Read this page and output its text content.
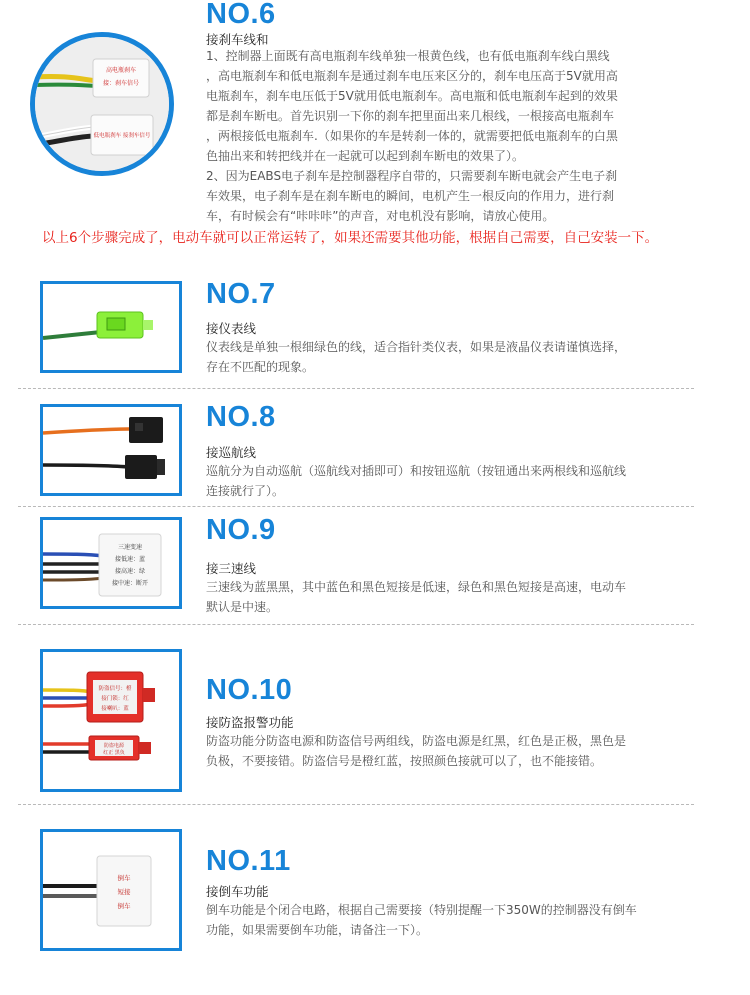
高电瓶刹车
接：刹车信号
低电瓶刹车 接刹车信号
NO.6
接刹车线和
1、控制器上面既有高电瓶刹车线单独一根黄色线，也有低电瓶刹车线白黑线
，高电瓶刹车和低电瓶刹车是通过刹车电压来区分的，刹车电压高于5V就用高
电瓶刹车，刹车电压低于5V就用低电瓶刹车。高电瓶和低电瓶刹车起到的效果
都是刹车断电。首先识别一下你的刹车把里面出来几根线，一根接高电瓶刹车
，两根接低电瓶刹车.（如果你的车是转刹一体的，就需要把低电瓶刹车的白黑
色抽出来和转把线并在一起就可以起到刹车断电的效果了）。
2、因为EABS电子刹车是控制器程序自带的，只需要刹车断电就会产生电子刹
车效果，电子刹车是在刹车断电的瞬间，电机产生一根反向的作用力，进行刹
车，有时候会有“咔咔咔”的声音，对电机没有影响，请放心使用。

以上6个步骤完成了，电动车就可以正常运转了，如果还需要其他功能，根据自己需要，自己安装一下。

NO.7
接仪表线
仪表线是单独一根细绿色的线，适合指针类仪表，如果是液晶仪表请谨慎选择，
存在不匹配的现象。
NO.8
接巡航线
巡航分为自动巡航（巡航线对插即可）和按钮巡航（按钮通出来两根线和巡航线
连接就行了）。
三速变速
接低速：蓝
接高速：绿
接中速：断开
NO.9
接三速线
三速线为蓝黑黑，其中蓝色和黑色短接是低速，绿色和黑色短接是高速，电动车
默认是中速。
防盗信号：橙
接门锁：红
接喇叭：蓝
防盗电源
红正 黑负
NO.10
接防盗报警功能
防盗功能分防盗电源和防盗信号两组线，防盗电源是红黑，红色是正极，黑色是
负极，不要接错。防盗信号是橙红蓝，按照颜色接就可以了，也不能接错。
倒车
短接
倒车
NO.11
接倒车功能
倒车功能是个闭合电路，根据自己需要接（特别提醒一下350W的控制器没有倒车
功能，如果需要倒车功能，请备注一下）。
